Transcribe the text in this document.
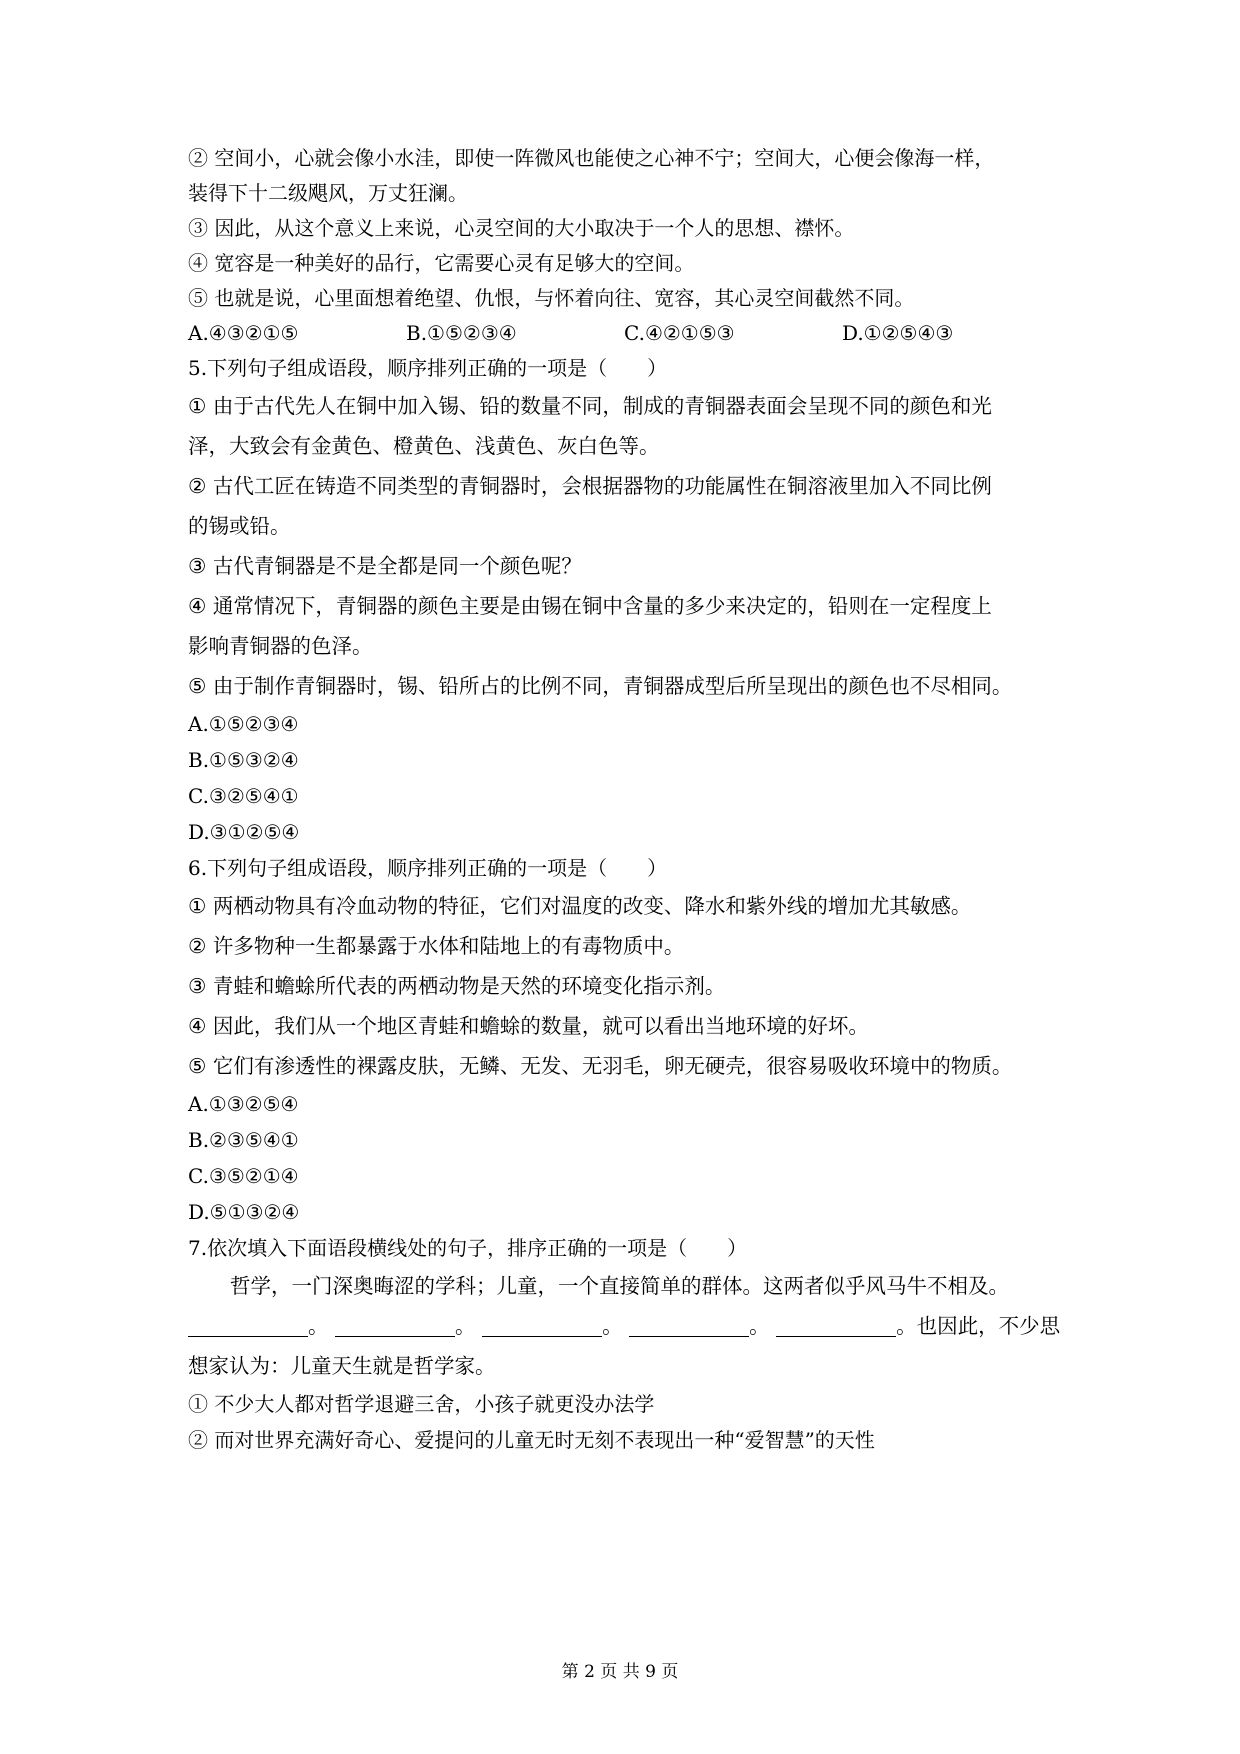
② 空间小，心就会像小水洼，即使一阵微风也能使之心神不宁；空间大，心便会像海一样，
装得下十二级飓风，万丈狂澜。
③ 因此，从这个意义上来说，心灵空间的大小取决于一个人的思想、襟怀。
④ 宽容是一种美好的品行，它需要心灵有足够大的空间。
⑤ 也就是说，心里面想着绝望、仇恨，与怀着向往、宽容，其心灵空间截然不同。
A.④③②①⑤	B.①⑤②③④	C.④②①⑤③	D.①②⑤④③
5.下列句子组成语段，顺序排列正确的一项是（　　）
① 由于古代先人在铜中加入锡、铅的数量不同，制成的青铜器表面会呈现不同的颜色和光
泽，大致会有金黄色、橙黄色、浅黄色、灰白色等。
② 古代工匠在铸造不同类型的青铜器时，会根据器物的功能属性在铜溶液里加入不同比例
的锡或铅。
③ 古代青铜器是不是全都是同一个颜色呢？
④ 通常情况下，青铜器的颜色主要是由锡在铜中含量的多少来决定的，铅则在一定程度上
影响青铜器的色泽。
⑤ 由于制作青铜器时，锡、铅所占的比例不同，青铜器成型后所呈现出的颜色也不尽相同。
A.①⑤②③④
B.①⑤③②④
C.③②⑤④①
D.③①②⑤④
6.下列句子组成语段，顺序排列正确的一项是（　　）
① 两栖动物具有冷血动物的特征，它们对温度的改变、降水和紫外线的增加尤其敏感。
② 许多物种一生都暴露于水体和陆地上的有毒物质中。
③ 青蛙和蟾蜍所代表的两栖动物是天然的环境变化指示剂。
④ 因此，我们从一个地区青蛙和蟾蜍的数量，就可以看出当地环境的好坏。
⑤ 它们有渗透性的裸露皮肤，无鳞、无发、无羽毛，卵无硬壳，很容易吸收环境中的物质。
A.①③②⑤④
B.②③⑤④①
C.③⑤②①④
D.⑤①③②④
7.依次填入下面语段横线处的句子，排序正确的一项是（　　）
哲学，一门深奥晦涩的学科；儿童，一个直接简单的群体。这两者似乎风马牛不相及。
。	。	。	。	。也因此，不少思
想家认为：儿童天生就是哲学家。
① 不少大人都对哲学退避三舍，小孩子就更没办法学
② 而对世界充满好奇心、爱提问的儿童无时无刻不表现出一种“爱智慧”的天性
第 2 页 共 9 页
